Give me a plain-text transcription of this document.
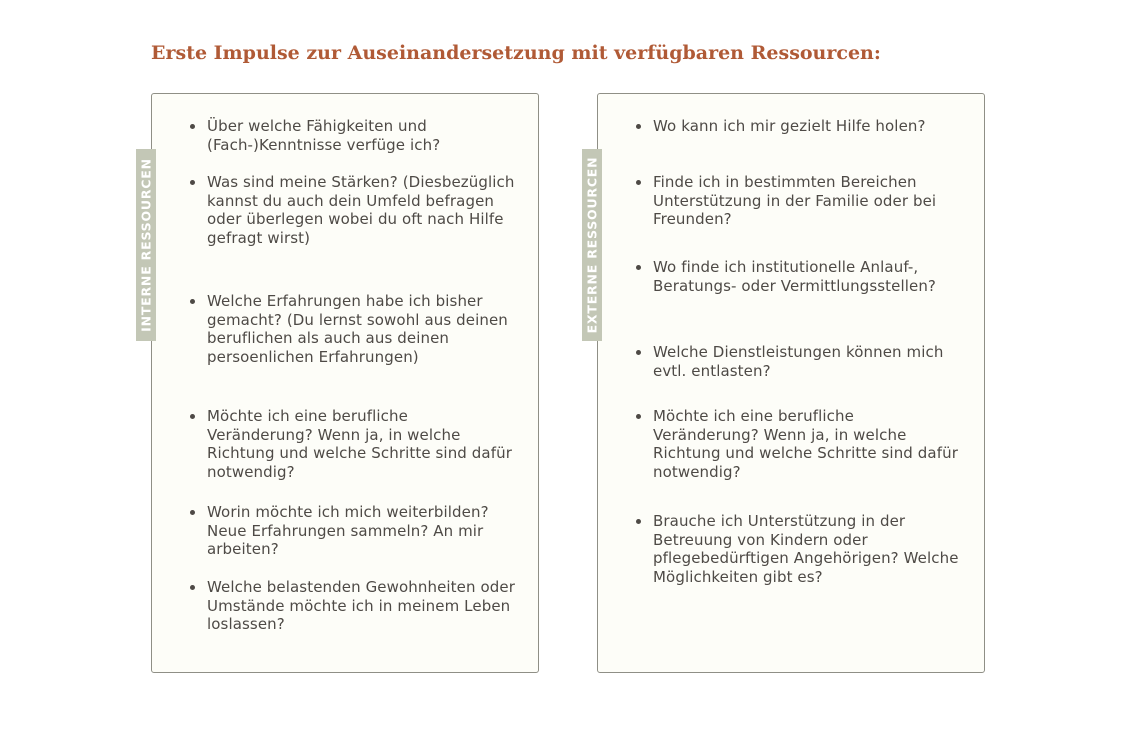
Erste Impulse zur Auseinandersetzung mit verfügbaren Ressourcen:
Über welche Fähigkeiten und (Fach-)Kenntnisse verfüge ich?
Was sind meine Stärken? (Diesbezüglich kannst du auch dein Umfeld befragen oder überlegen wobei du oft nach Hilfe gefragt wirst)
Welche Erfahrungen habe ich bisher gemacht? (Du lernst sowohl aus deinen beruflichen als auch aus deinen persoenlichen Erfahrungen)
Möchte ich eine berufliche Veränderung? Wenn ja, in welche Richtung und welche Schritte sind dafür notwendig?
Worin möchte ich mich weiterbilden? Neue Erfahrungen sammeln? An mir arbeiten?
Welche belastenden Gewohnheiten oder Umstände möchte ich in meinem Leben loslassen?
INTERNE RESSOURCEN
Wo kann ich mir gezielt Hilfe holen?
Finde ich in bestimmten Bereichen Unterstützung in der Familie oder bei Freunden?
Wo finde ich institutionelle Anlauf-, Beratungs- oder Vermittlungsstellen?
Welche Dienstleistungen können mich evtl. entlasten?
Möchte ich eine berufliche Veränderung? Wenn ja, in welche Richtung und welche Schritte sind dafür notwendig?
Brauche ich Unterstützung in der Betreuung von Kindern oder pflegebedürftigen Angehörigen? Welche Möglichkeiten gibt es?
EXTERNE RESSOURCEN
